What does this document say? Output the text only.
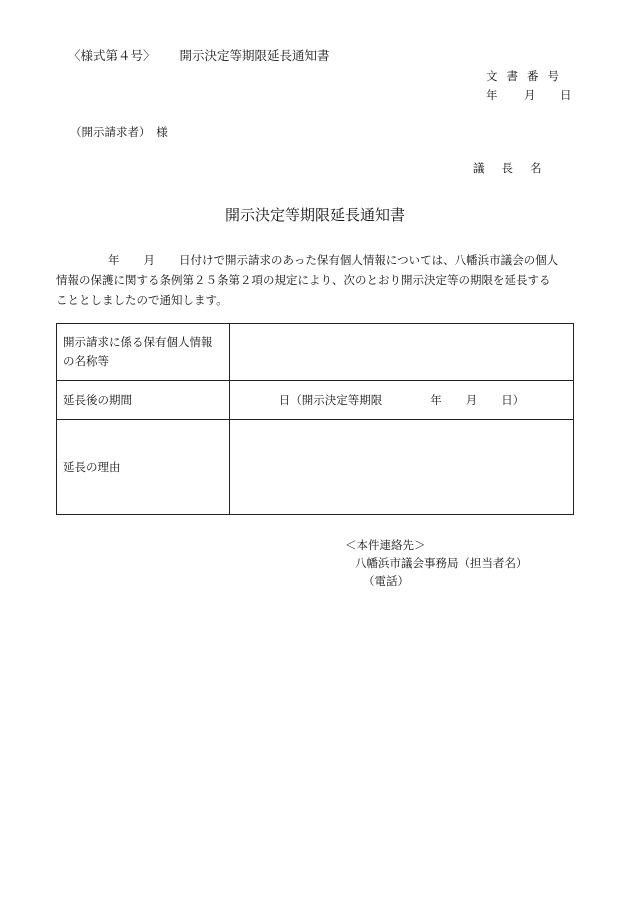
〈様式第４号〉 開示決定等期限延長通知書
文書番号
年 月 日
（開示請求者）　様
議長名
開示決定等期限延長通知書
年 月 日付けで開示請求のあった保有個人情報については、八幡浜市議会の個人
情報の保護に関する条例第２５条第２項の規定により、次のとおり開示決定等の期限を延長する
こととしましたので通知します。
開示請求に係る保有個人情報の名称等	
延長後の期間	日（開示決定等期限 年 月 日）
延長の理由	
＜本件連絡先＞
八幡浜市議会事務局（担当者名）
（電話）
